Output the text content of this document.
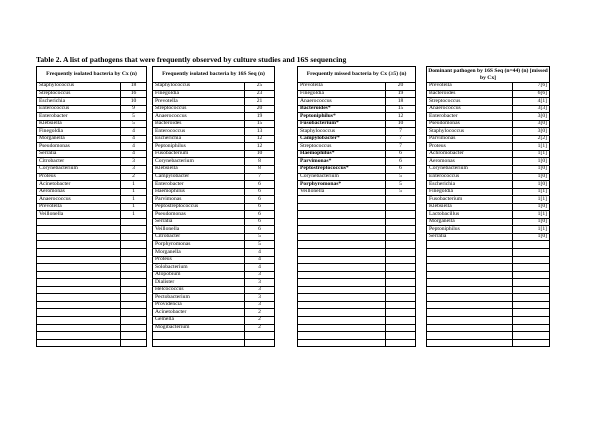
Table 2. A list of pathogens that were frequently observed by culture studies and 16S sequencing
Frequently isolated bacteria by Cx (n)	
Staphylococcus	18
Streptococcus	16
Escherichia	10
Enterococcus	9
Enterobacter	5
Klebsiella	5
Finegoldia	4
Morganella	4
Pseudomonas	4
Serratia	4
Citrobacter	3
Corynebacterium	3
Proteus	2
Acinetobacter	1
Aeromonas	1
Anaerococcus	1
Prevotella	1
Veillonella	1

Frequently isolated bacteria by 16S Seq (n)	
Staphylococcus	25
Finegoldia	23
Prevotella	21
Streptococcus	20
Anaerococcus	19
Bacteroides	15
Enterococcus	13
Escherichia	12
Peptoniphilus	12
Fusobacterium	10
Corynebacterium	8
Klebsiella	8
Campylobacter	7
Enterobacter	6
Haemophilus	6
Parvimonas	6
Peptostreptococcus	6
Pseudomonas	6
Serratia	6
Veillonella	6
Citrobacter	5
Porphyromonas	5
Morganella	4
Proteus	4
Solobacterium	4
Atopobium	3
Dialister	3
Helcococcus	3
Pectobacterium	3
Providencia	3
Acinetobacter	2
Gemella	2
Mogibacterium	2

Frequently missed bacteria by Cx (≥5) (n)	
Prevotella	20
Finegoldia	19
Anaerococcus	18
Bacteroides*	15
Peptoniphilus*	12
Fusobacterium*	10
Staphylococcus	7
Campylobacter*	7
Streptococcus	7
Haemophilus*	6
Parvimonas*	6
Peptostreptococcus*	6
Corynebacterium	5
Porphyromonas*	5
Veillonella	5

Dominant pathogen by 16S Seq (n=44) (n) [missed by Cx]	
Prevotella	7[6]
Bacteroides	6[6]
Streptococcus	4[1]
Anaerococcus	3[3]
Enterobacter	3[0]
Pseudomonas	3[0]
Staphylococcus	3[0]
Parvimonas	2[2]
Proteus	1[1]
Achromobacter	1[1]
Aeromonas	1[0]
Corynebacterium	1[0]
Enterococcus	1[0]
Escherichia	1[0]
Finegoldia	1[1]
Fusobacterium	1[1]
Klebsiella	1[0]
Lactobacillus	1[1]
Morganella	1[0]
Peptoniphilus	1[1]
Serratia	1[0]
